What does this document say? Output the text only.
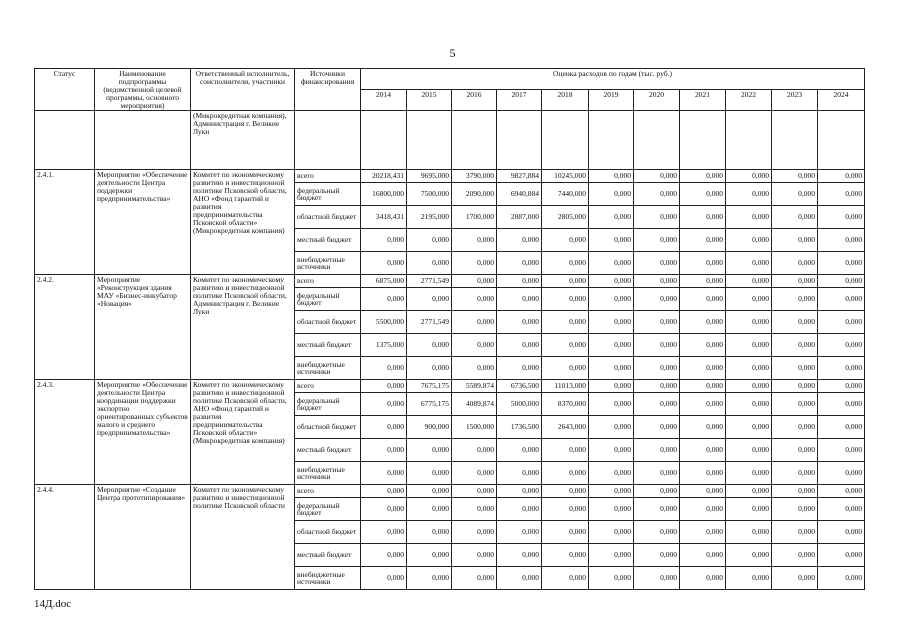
5
Статус	Наименование подпрограммы (ведомственной целевой программы, основного мероприятия)	Ответственный исполнитель, соисполнители, участники	Источники финансирования	Оценка расходов по годам (тыс. руб.)										
				2014	2015	2016	2017	2018	2019	2020	2021	2022	2023	2024
		(Микрокредитная компания), Администрация г. Великие Луки												
2.4.1.	Мероприятие «Обеспечение деятельности Центра поддержки предпринимательства»	Комитет по экономическому развитию и инвестиционной политике Псковской области, АНО «Фонд гарантий и развития предпринимательства Псковской области» (Микрокредитная компания)	всего	20218,431	9695,000	3790,000	9827,884	10245,000	0,000	0,000	0,000	0,000	0,000	0,000
			федеральный бюджет	16800,000	7500,000	2090,000	6940,884	7440,000	0,000	0,000	0,000	0,000	0,000	0,000
			областной бюджет	3418,431	2195,000	1700,000	2887,000	2805,000	0,000	0,000	0,000	0,000	0,000	0,000
			местный бюджет	0,000	0,000	0,000	0,000	0,000	0,000	0,000	0,000	0,000	0,000	0,000
			внебюджетные источники	0,000	0,000	0,000	0,000	0,000	0,000	0,000	0,000	0,000	0,000	0,000
2.4.2.	Мероприятие «Реконструкция здания МАУ «Бизнес-инкубатор «Новация»	Комитет по экономическому развитию и инвестиционной политике Псковской области, Администрация г. Великие Луки	всего	6875,000	2771,549	0,000	0,000	0,000	0,000	0,000	0,000	0,000	0,000	0,000
			федеральный бюджет	0,000	0,000	0,000	0,000	0,000	0,000	0,000	0,000	0,000	0,000	0,000
			областной бюджет	5500,000	2771,549	0,000	0,000	0,000	0,000	0,000	0,000	0,000	0,000	0,000
			местный бюджет	1375,000	0,000	0,000	0,000	0,000	0,000	0,000	0,000	0,000	0,000	0,000
			внебюджетные источники	0,000	0,000	0,000	0,000	0,000	0,000	0,000	0,000	0,000	0,000	0,000
2.4.3.	Мероприятие «Обеспечение деятельности Центра координации поддержки экспортно ориентированных субъектов малого и среднего предпринимательства»	Комитет по экономическому развитию и инвестиционной политике Псковской области, АНО «Фонд гарантий и развития предпринимательства Псковской области» (Микрокредитная компания)	всего	0,000	7675,175	5589,874	6736,500	11013,000	0,000	0,000	0,000	0,000	0,000	0,000
			федеральный бюджет	0,000	6775,175	4089,874	5000,000	8370,000	0,000	0,000	0,000	0,000	0,000	0,000
			областной бюджет	0,000	900,000	1500,000	1736,500	2643,000	0,000	0,000	0,000	0,000	0,000	0,000
			местный бюджет	0,000	0,000	0,000	0,000	0,000	0,000	0,000	0,000	0,000	0,000	0,000
			внебюджетные источники	0,000	0,000	0,000	0,000	0,000	0,000	0,000	0,000	0,000	0,000	0,000
2.4.4.	Мероприятие «Создание Центра прототипирования»	Комитет по экономическому развитию и инвестиционной политике Псковской области	всего	0,000	0,000	0,000	0,000	0,000	0,000	0,000	0,000	0,000	0,000	0,000
			федеральный бюджет	0,000	0,000	0,000	0,000	0,000	0,000	0,000	0,000	0,000	0,000	0,000
			областной бюджет	0,000	0,000	0,000	0,000	0,000	0,000	0,000	0,000	0,000	0,000	0,000
			местный бюджет	0,000	0,000	0,000	0,000	0,000	0,000	0,000	0,000	0,000	0,000	0,000
			внебюджетные источники	0,000	0,000	0,000	0,000	0,000	0,000	0,000	0,000	0,000	0,000	0,000
14Д.doc
